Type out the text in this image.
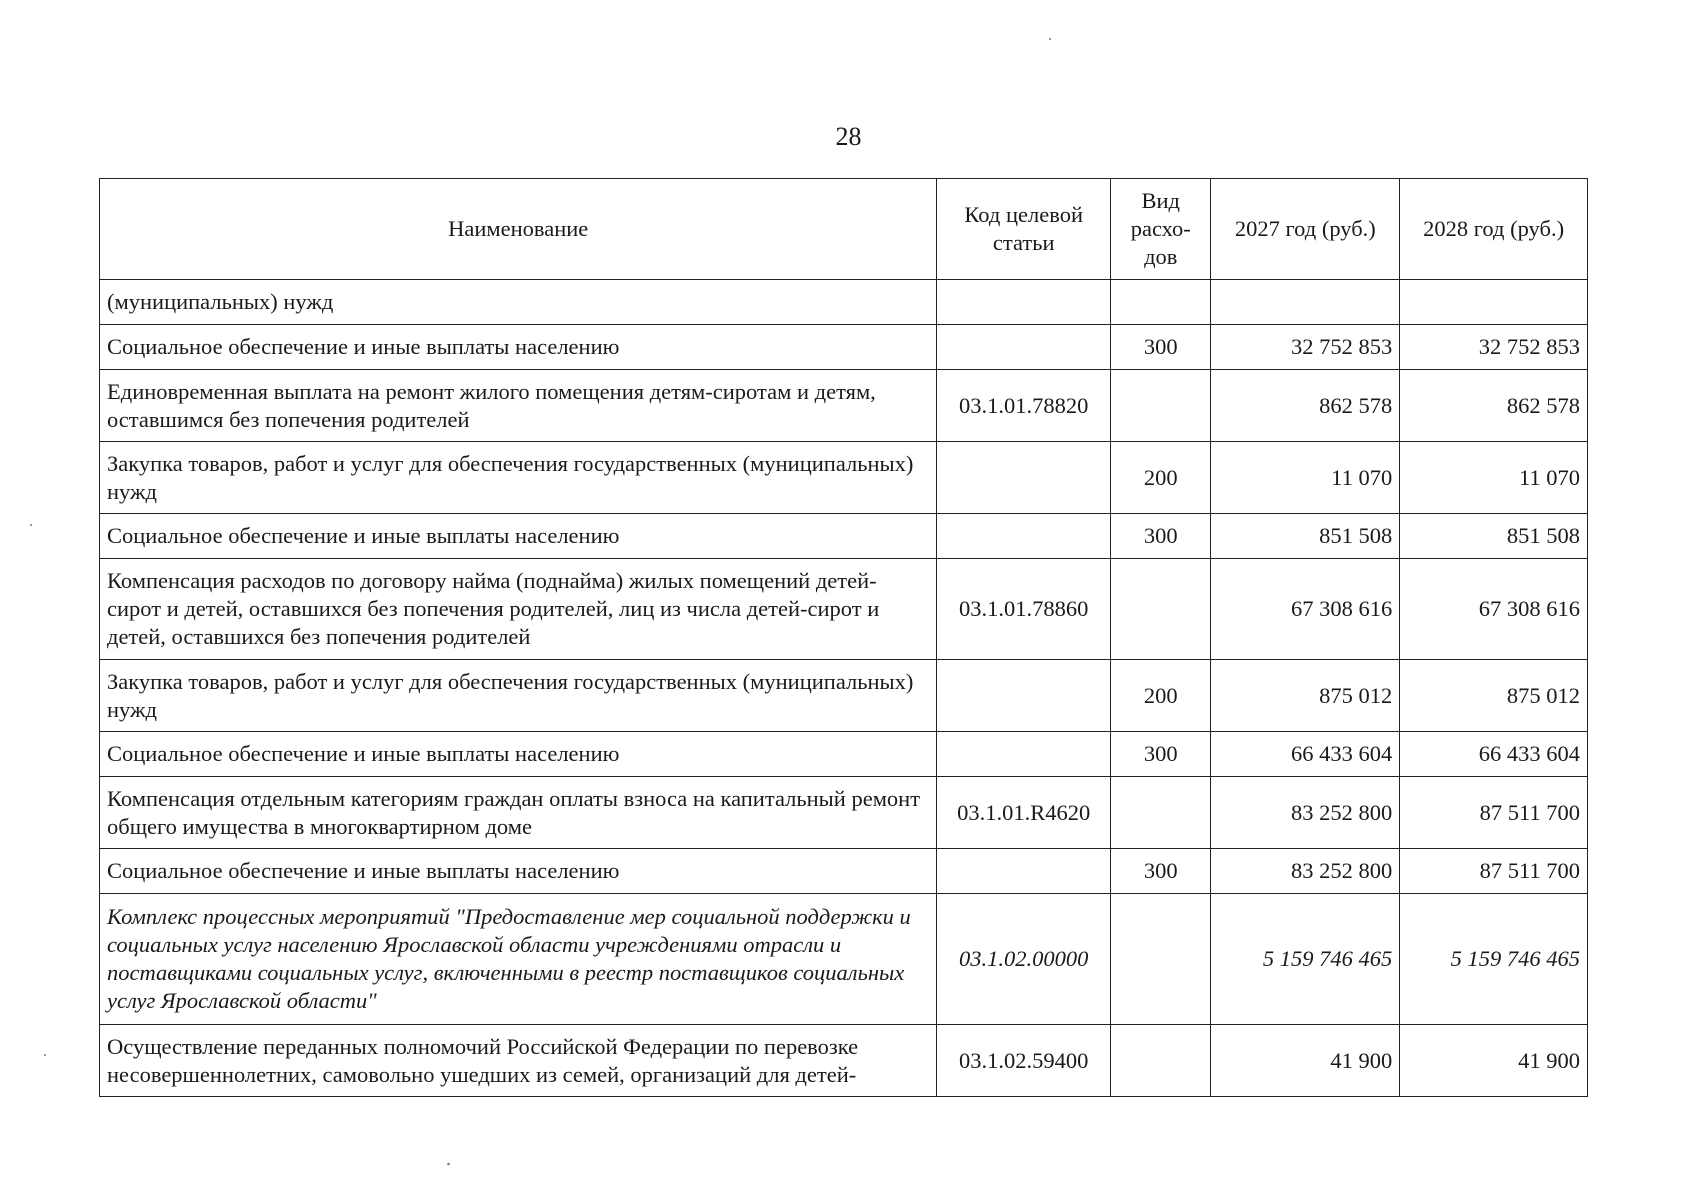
28
Наименование	Код целевой статьи	Вид расхо-дов	2027 год (руб.)	2028 год (руб.)
(муниципальных) нужд				
Социальное обеспечение и иные выплаты населению		300	32 752 853	32 752 853
Единовременная выплата на ремонт жилого помещения детям-сиротам и детям, оставшимся без попечения родителей	03.1.01.78820		862 578	862 578
Закупка товаров, работ и услуг для обеспечения государственных (муниципальных) нужд		200	11 070	11 070
Социальное обеспечение и иные выплаты населению		300	851 508	851 508
Компенсация расходов по договору найма (поднайма) жилых помещений детей-сирот и детей, оставшихся без попечения родителей, лиц из числа детей-сирот и детей, оставшихся без попечения родителей	03.1.01.78860		67 308 616	67 308 616
Закупка товаров, работ и услуг для обеспечения государственных (муниципальных) нужд		200	875 012	875 012
Социальное обеспечение и иные выплаты населению		300	66 433 604	66 433 604
Компенсация отдельным категориям граждан оплаты взноса на капитальный ремонт общего имущества в многоквартирном доме	03.1.01.R4620		83 252 800	87 511 700
Социальное обеспечение и иные выплаты населению		300	83 252 800	87 511 700
Комплекс процессных мероприятий "Предоставление мер социальной поддержки и социальных услуг населению Ярославской области учреждениями отрасли и поставщиками социальных услуг, включенными в реестр поставщиков социальных услуг Ярославской области"	03.1.02.00000		5 159 746 465	5 159 746 465
Осуществление переданных полномочий Российской Федерации по перевозке несовершеннолетних, самовольно ушедших из семей, организаций для детей-	03.1.02.59400		41 900	41 900
